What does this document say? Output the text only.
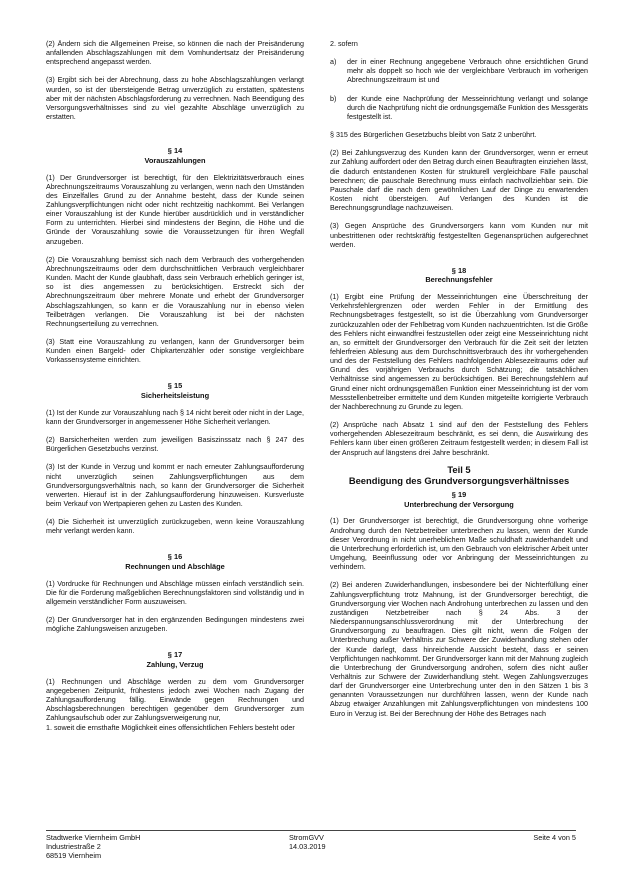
(2) Ändern sich die Allgemeinen Preise, so können die nach der Preisänderung anfallenden Abschlagszahlungen mit dem Vomhundertsatz der Preisänderung entsprechend angepasst werden.

(3) Ergibt sich bei der Abrechnung, dass zu hohe Abschlagszahlungen verlangt wurden, so ist der übersteigende Betrag unverzüglich zu erstatten, spätestens aber mit der nächsten Abschlagsforderung zu verrechnen. Nach Beendigung des Versorgungsverhältnisses sind zu viel gezahlte Abschläge unverzüglich zu erstatten.

§ 14
Vorauszahlungen

(1) Der Grundversorger ist berechtigt, für den Elektrizitätsverbrauch eines Abrechnungszeitraums Vorauszahlung zu verlangen, wenn nach den Umständen des Einzelfalles Grund zu der Annahme besteht, dass der Kunde seinen Zahlungsverpflichtungen nicht oder nicht rechtzeitig nachkommt. Bei Verlangen einer Vorauszahlung ist der Kunde hierüber ausdrücklich und in verständlicher Form zu unterrichten. Hierbei sind mindestens der Beginn, die Höhe und die Gründe der Vorauszahlung sowie die Voraussetzungen für ihren Wegfall anzugeben.

(2) Die Vorauszahlung bemisst sich nach dem Verbrauch des vorhergehenden Abrechnungszeitraums oder dem durchschnittlichen Verbrauch vergleichbarer Kunden. Macht der Kunde glaubhaft, dass sein Verbrauch erheblich geringer ist, so ist dies angemessen zu berücksichtigen. Erstreckt sich der Abrechnungszeitraum über mehrere Monate und erhebt der Grundversorger Abschlagszahlungen, so kann er die Vorauszahlung nur in ebenso vielen Teilbeträgen verlangen. Die Vorauszahlung ist bei der nächsten Rechnungserteilung zu verrechnen.

(3) Statt eine Vorauszahlung zu verlangen, kann der Grundversorger beim Kunden einen Bargeld- oder Chipkartenzähler oder sonstige vergleichbare Vorkassensysteme einrichten.

§ 15
Sicherheitsleistung

(1) Ist der Kunde zur Vorauszahlung nach § 14 nicht bereit oder nicht in der Lage, kann der Grundversorger in angemessener Höhe Sicherheit verlangen.

(2) Barsicherheiten werden zum jeweiligen Basiszinssatz nach § 247 des Bürgerlichen Gesetzbuchs verzinst.

(3) Ist der Kunde in Verzug und kommt er nach erneuter Zahlungsaufforderung nicht unverzüglich seinen Zahlungsverpflichtungen aus dem Grundversorgungsverhältnis nach, so kann der Grundversorger die Sicherheit verwerten. Hierauf ist in der Zahlungsaufforderung hinzuweisen. Kursverluste beim Verkauf von Wertpapieren gehen zu Lasten des Kunden.

(4) Die Sicherheit ist unverzüglich zurückzugeben, wenn keine Vorauszahlung mehr verlangt werden kann.

§ 16
Rechnungen und Abschläge

(1) Vordrucke für Rechnungen und Abschläge müssen einfach verständlich sein. Die für die Forderung maßgeblichen Berechnungsfaktoren sind vollständig und in allgemein verständlicher Form auszuweisen.

(2) Der Grundversorger hat in den ergänzenden Bedingungen mindestens zwei mögliche Zahlungsweisen anzugeben.

§ 17
Zahlung, Verzug

(1) Rechnungen und Abschläge werden zu dem vom Grundversorger angegebenen Zeitpunkt, frühestens jedoch zwei Wochen nach Zugang der Zahlungsaufforderung fällig. Einwände gegen Rechnungen und Abschlagsberechnungen berechtigen gegenüber dem Grundversorger zum Zahlungsaufschub oder zur Zahlungsverweigerung nur,

1. soweit die ernsthafte Möglichkeit eines offensichtlichen Fehlers besteht oder

2. sofern

a)	der in einer Rechnung angegebene Verbrauch ohne ersichtlichen Grund mehr als doppelt so hoch wie der vergleichbare Verbrauch im vorherigen Abrechnungszeitraum ist und
b)	der Kunde eine Nachprüfung der Messeinrichtung verlangt und solange durch die Nachprüfung nicht die ordnungsgemäße Funktion des Messgeräts festgestellt ist.

§ 315 des Bürgerlichen Gesetzbuchs bleibt von Satz 2 unberührt.

(2) Bei Zahlungsverzug des Kunden kann der Grundversorger, wenn er erneut zur Zahlung auffordert oder den Betrag durch einen Beauftragten einziehen lässt, die dadurch entstandenen Kosten für strukturell vergleichbare Fälle pauschal berechnen; die pauschale Berechnung muss einfach nachvollziehbar sein. Die Pauschale darf die nach dem gewöhnlichen Lauf der Dinge zu erwartenden Kosten nicht übersteigen. Auf Verlangen des Kunden ist die Berechnungsgrundlage nachzuweisen.

(3) Gegen Ansprüche des Grundversorgers kann vom Kunden nur mit unbestrittenen oder rechtskräftig festgestellten Gegenansprüchen aufgerechnet werden.

§ 18
Berechnungsfehler

(1) Ergibt eine Prüfung der Messeinrichtungen eine Überschreitung der Verkehrsfehlergrenzen oder werden Fehler in der Ermittlung des Rechnungsbetrages festgestellt, so ist die Überzahlung vom Grundversorger zurückzuzahlen oder der Fehlbetrag vom Kunden nachzuentrichten. Ist die Größe des Fehlers nicht einwandfrei festzustellen oder zeigt eine Messeinrichtung nicht an, so ermittelt der Grundversorger den Verbrauch für die Zeit seit der letzten fehlerfreien Ablesung aus dem Durchschnittsverbrauch des ihr vorhergehenden und des der Feststellung des Fehlers nachfolgenden Ablesezeitraums oder auf Grund des vorjährigen Verbrauchs durch Schätzung; die tatsächlichen Verhältnisse sind angemessen zu berücksichtigen. Bei Berechnungsfehlern auf Grund einer nicht ordnungsgemäßen Funktion einer Messeinrichtung ist der vom Messstellenbetreiber ermittelte und dem Kunden mitgeteilte korrigierte Verbrauch der Nachberechnung zu Grunde zu legen.

(2) Ansprüche nach Absatz 1 sind auf den der Feststellung des Fehlers vorhergehenden Ablesezeitraum beschränkt, es sei denn, die Auswirkung des Fehlers kann über einen größeren Zeitraum festgestellt werden; in diesem Fall ist der Anspruch auf längstens drei Jahre beschränkt.

Teil 5
Beendigung des Grundversorgungsverhältnisses
§ 19
Unterbrechung der Versorgung

(1) Der Grundversorger ist berechtigt, die Grundversorgung ohne vorherige Androhung durch den Netzbetreiber unterbrechen zu lassen, wenn der Kunde dieser Verordnung in nicht unerheblichem Maße schuldhaft zuwiderhandelt und die Unterbrechung erforderlich ist, um den Gebrauch von elektrischer Arbeit unter Umgehung, Beeinflussung oder vor Anbringung der Messeinrichtungen zu verhindern.

(2) Bei anderen Zuwiderhandlungen, insbesondere bei der Nichterfüllung einer Zahlungsverpflichtung trotz Mahnung, ist der Grundversorger berechtigt, die Grundversorgung vier Wochen nach Androhung unterbrechen zu lassen und den zuständigen Netzbetreiber nach § 24 Abs. 3 der Niederspannungsanschlussverordnung mit der Unterbrechung der Grundversorgung zu beauftragen. Dies gilt nicht, wenn die Folgen der Unterbrechung außer Verhältnis zur Schwere der Zuwiderhandlung stehen oder der Kunde darlegt, dass hinreichende Aussicht besteht, dass er seinen Verpflichtungen nachkommt. Der Grundversorger kann mit der Mahnung zugleich die Unterbrechung der Grundversorgung androhen, sofern dies nicht außer Verhältnis zur Schwere der Zuwiderhandlung steht. Wegen Zahlungsverzuges darf der Grundversorger eine Unterbrechung unter den in den Sätzen 1 bis 3 genannten Voraussetzungen nur durchführen lassen, wenn der Kunde nach Abzug etwaiger Anzahlungen mit Zahlungsverpflichtungen von mindestens 100 Euro in Verzug ist. Bei der Berechnung der Höhe des Betrages nach

Stadtwerke Viernheim GmbH
Industriestraße 2
68519 Viernheim
StromGVV
14.03.2019
Seite 4 von 5
